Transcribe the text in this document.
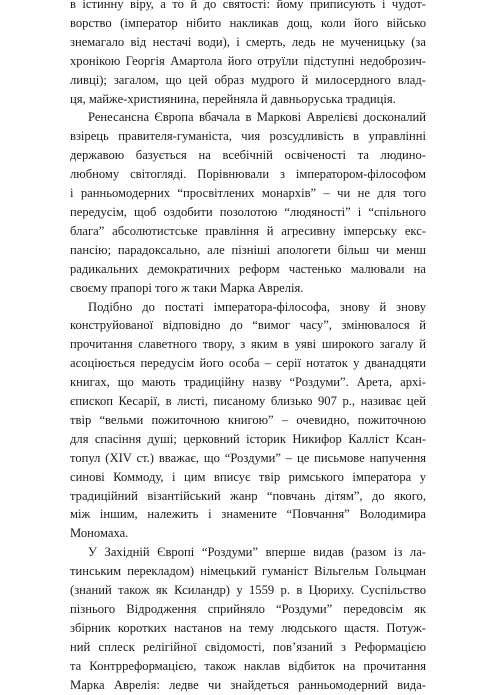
в істинну віру, а то й до святості: йому приписують і чудот-
ворство (імператор нібито накликав дощ, коли його військо
знемагало від нестачі води), і смерть, ледь не мученицьку (за
хронікою Георгія Амартола його отруїли підступні недоброзич-
ливці); загалом, що цей образ мудрого й милосердного влад-
ця, майже-християнина, перейняла й давньоруська традиція.
Ренесансна Європа вбачала в Маркові Аврелієві досконалий
взірець правителя-гуманіста, чия розсудливість в управлінні
державою базується на всебічній освіченості та людино-
любному світогляді. Порівнювали з імператором-філософом
і ранньомодерних “просвітлених монархів” – чи не для того
передусім, щоб оздобити позолотою “людяності” і “спільного
блага” абсолютистське правління й агресивну імперську екс-
пансію; парадоксально, але пізніші апологети більш чи менш
радикальних демократичних реформ частенько малювали на
своєму прапорі того ж таки Марка Аврелія.
Подібно до постаті імператора-філософа, знову й знову
конструйованої відповідно до “вимог часу”, змінювалося й
прочитання славетного твору, з яким в уяві широкого загалу й
асоціюється передусім його особа – серії нотаток у дванадцяти
книгах, що мають традиційну назву “Роздуми”. Арета, архі-
єпископ Кесарії, в листі, писаному близько 907 р., називає цей
твір “вельми пожиточною книгою” – очевидно, пожиточною
для спасіння душі; церковний історик Никифор Калліст Ксан-
топул (XIV ст.) вважає, що “Роздуми” – це письмове напучення
синові Коммоду, і цим вписує твір римського імператора у
традиційний візантійський жанр “повчань дітям”, до якого,
між іншим, належить і знамените “Повчання” Володимира
Мономаха.
У Західній Європі “Роздуми” вперше видав (разом із ла-
тинським перекладом) німецький гуманіст Вільгельм Гольцман
(знаний також як Ксиландр) у 1559 р. в Цюриху. Суспільство
пізнього Відродження сприйняло “Роздуми” передовсім як
збірник коротких настанов на тему людського щастя. Потуж-
ний сплеск релігійної свідомості, пов’язаний з Реформацією
та Контрреформацією, також наклав відбиток на прочитання
Марка Аврелія: ледве чи знайдеться ранньомодерний вида-
